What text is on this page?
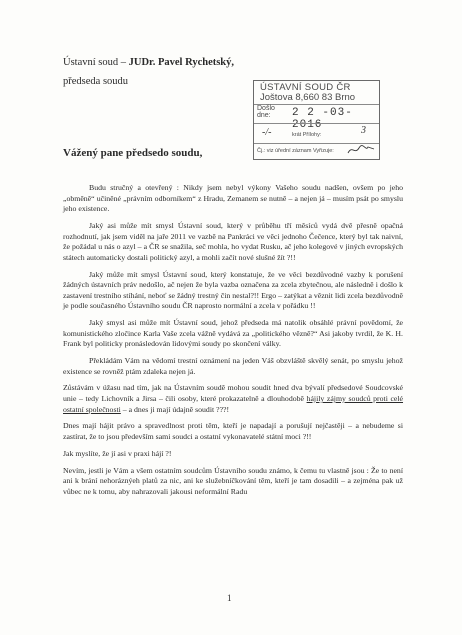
Ústavní soud – JUDr. Pavel Rychetský,
předseda soudu
ÚSTAVNÍ SOUD ČR
Joštova 8,660 83 Brno
Došlo dne:	2 2 -03- 2016
-/-	krát Přílohy:	3
Čj.: viz úřední záznam Vyřizuje:
Vážený pane předsedo soudu,

Budu stručný a otevřený : Nikdy jsem nebyl výkony Vašeho soudu nadšen, ovšem po jeho „obměně“ učiněné „právním odborníkem“ z Hradu, Zemanem se nutně – a nejen já – musím psát po smyslu jeho existence.

Jaký asi může mít smysl Ústavní soud, který v průběhu tří měsíců vydá dvě přesně opačná rozhodnutí, jak jsem viděl na jaře 2011 ve vazbě na Pankráci ve věci jednoho Čečence, který byl tak naivní, že požádal u nás o azyl – a ČR se snažila, seč mohla, ho vydat Rusku, ač jeho kolegové v jiných evropských státech automaticky dostali politický azyl, a mohli začít nové slušné žít ?!!

Jaký může mít smysl Ústavní soud, který konstatuje, že ve věci bezdůvodné vazby k porušení žádných ústavních práv nedošlo, ač nejen že byla vazba označena za zcela zbytečnou, ale následně i došlo k zastavení trestního stíhání, neboť se žádný trestný čin nestal?!! Ergo – zatýkat a věznit lidi zcela bezdůvodně je podle současného Ústavního soudu ČR naprosto normální a zcela v pořádku !!

Jaký smysl asi může mít Ústavní soud, jehož předseda má natolik obsáhlé právní povědomí, že komunistického zločince Karla Vaše zcela vážně vydává za „politického vězně?“ Asi jakoby tvrdil, že K. H. Frank byl politicky pronásledován lidovými soudy po skončení války.

Překládám Vám na vědomí trestní oznámení na jeden Váš obzvláště skvělý senát, po smyslu jehož existence se rovněž ptám zdaleka nejen já.

Zůstávám v úžasu nad tím, jak na Ústavním soudě mohou soudit hned dva bývalí předsedové Soudcovské unie – tedy Lichovník a Jirsa – čili osoby, které prokazatelně a dlouhodobě hájily zájmy soudců proti celé ostatní společnosti – a dnes ji mají údajně soudit ???!

Dnes mají hájit právo a spravedlnost proti těm, kteří je napadají a porušují nejčastěji – a nebudeme si zastírat, že to jsou především sami soudci a ostatní vykonavatelé státní moci ?!!

Jak myslíte, že jí asi v praxi hájí ?!

Nevím, jestli je Vám a všem ostatním soudcům Ústavního soudu známo, k čemu tu vlastně jsou : Že to není ani k brání nehoráznýeh platů za nic, ani ke služebníčkování těm, kteří je tam dosadili – a zejména pak už vůbec ne k tomu, aby nahrazovali jakousi neformální Radu

1
